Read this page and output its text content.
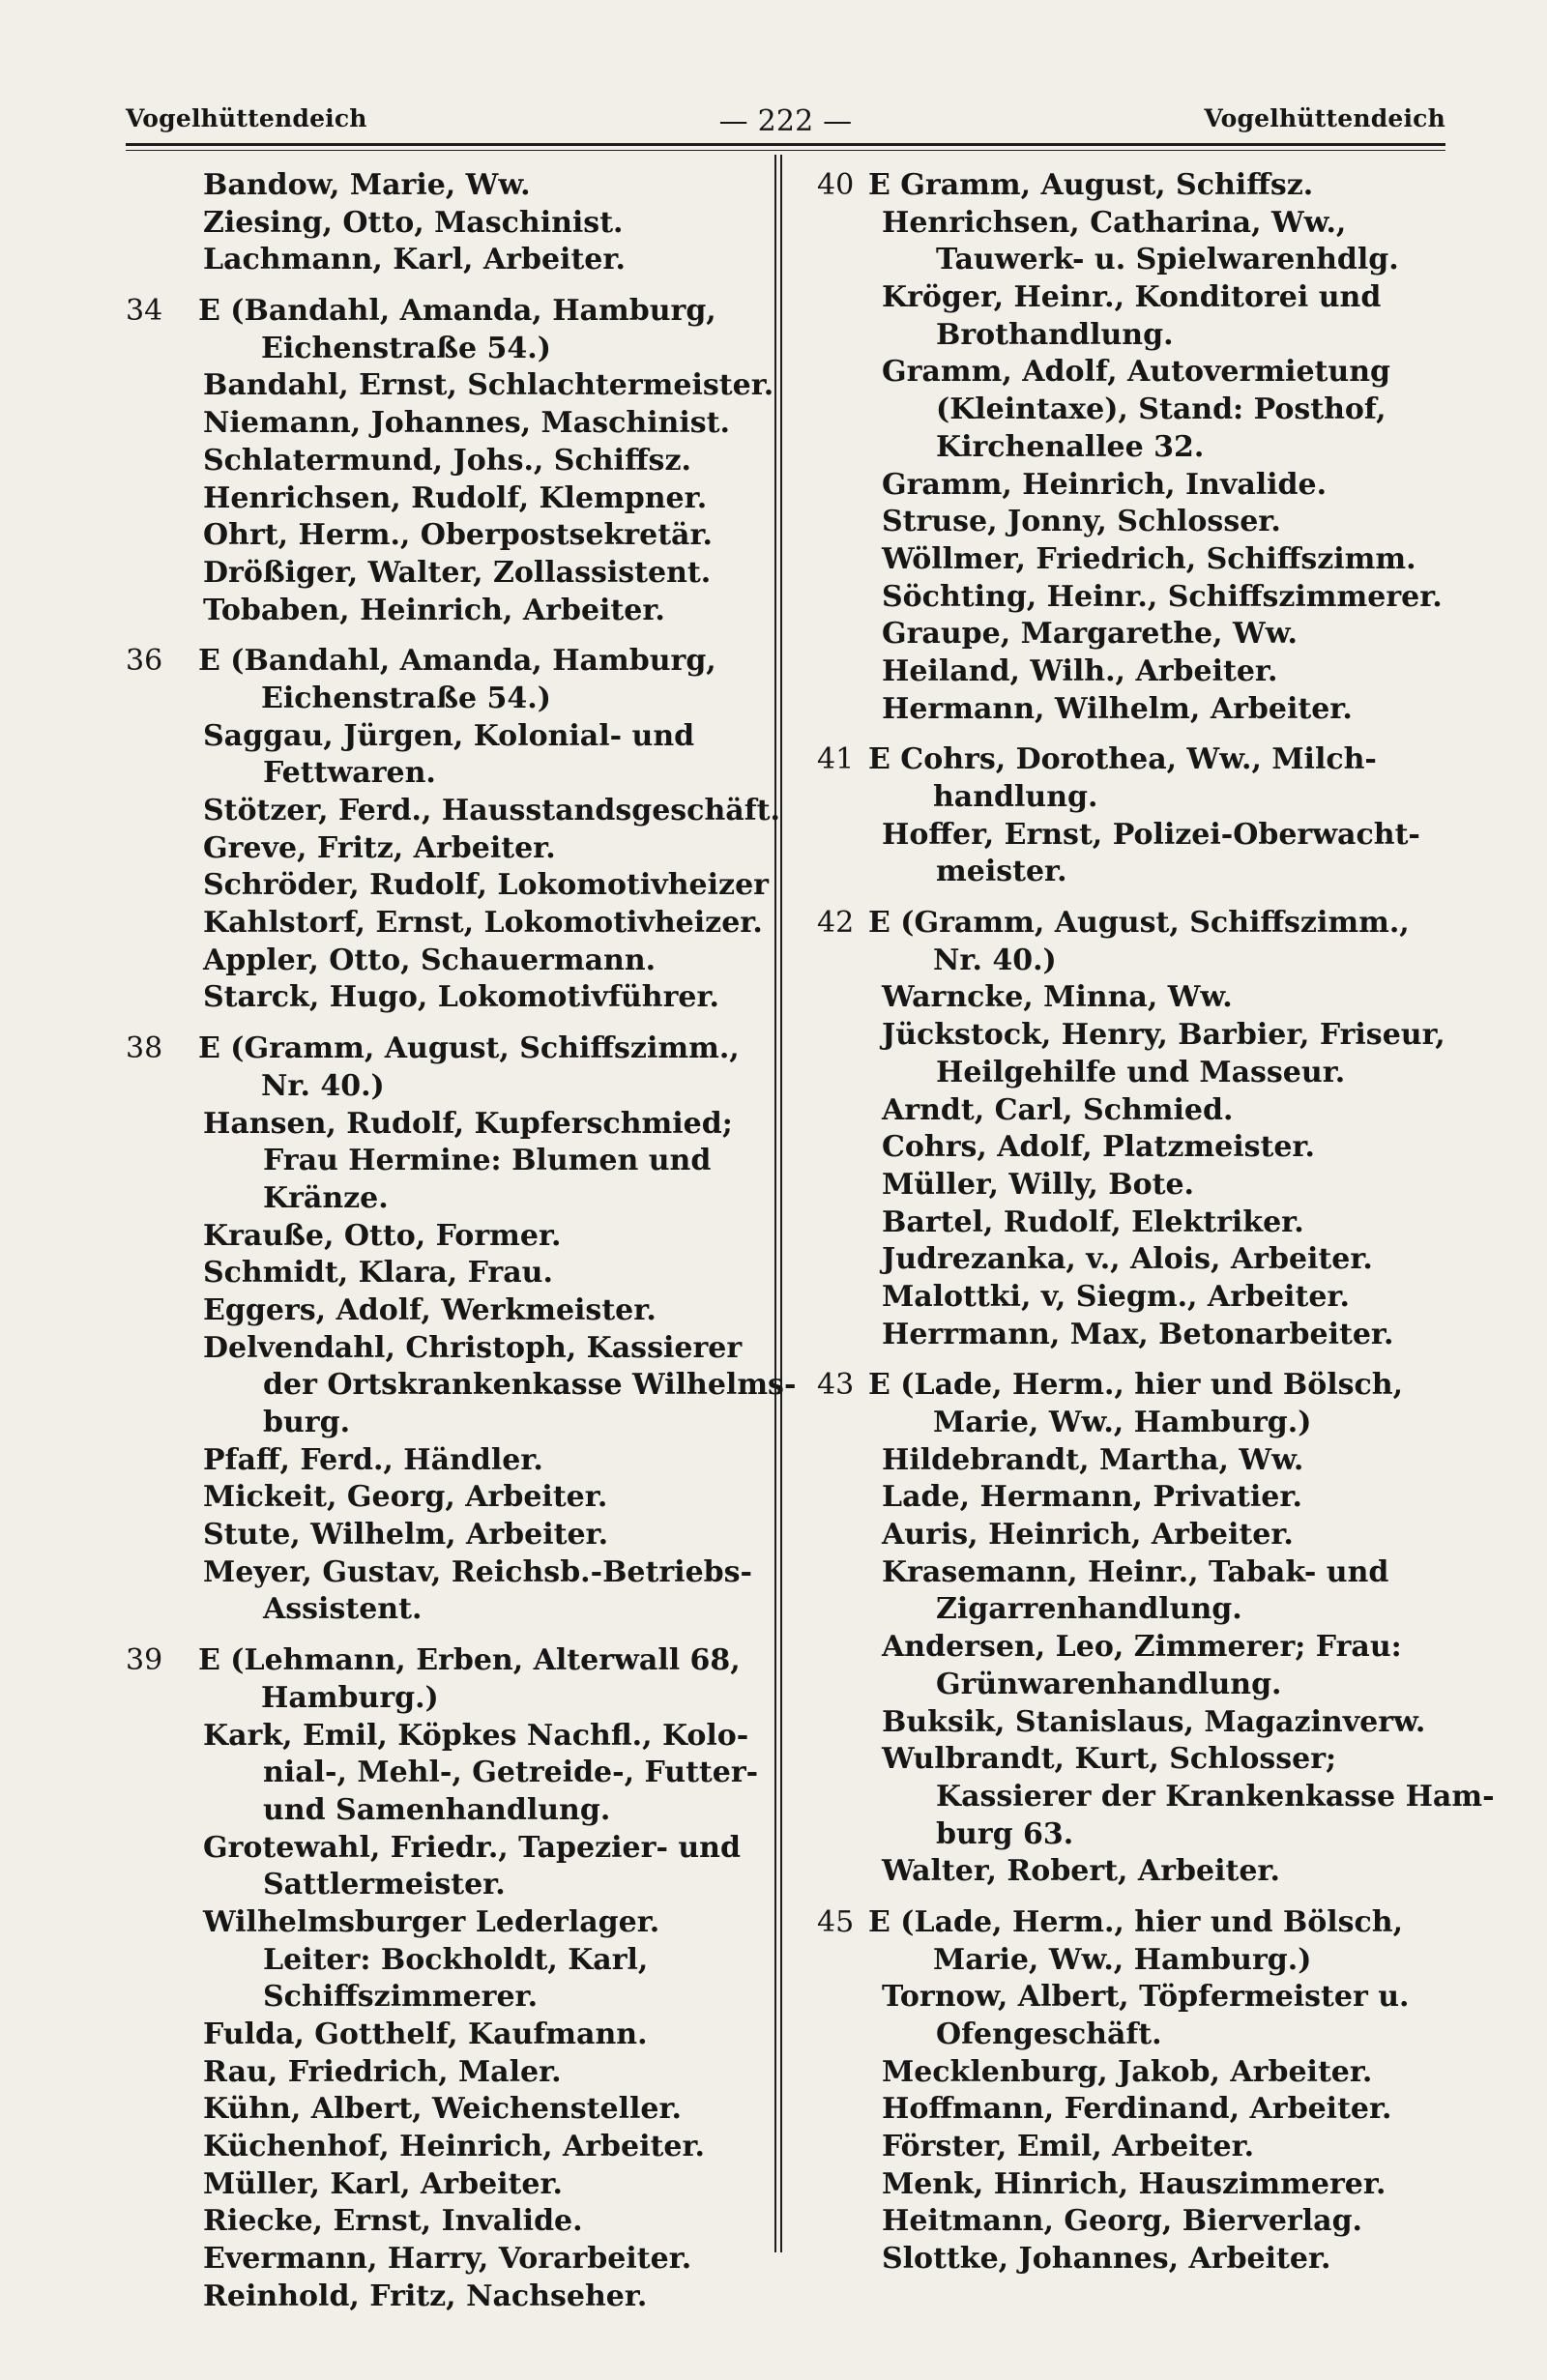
Vogelhüttendeich	— 222 —	Vogelhüttendeich
Bandow, Marie, Ww.
Ziesing, Otto, Maschinist.
Lachmann, Karl, Arbeiter.
34	E (Bandahl, Amanda, Hamburg,
Eichenstraße 54.)
Bandahl, Ernst, Schlachtermeister.
Niemann, Johannes, Maschinist.
Schlatermund, Johs., Schiffsz.
Henrichsen, Rudolf, Klempner.
Ohrt, Herm., Oberpostsekretär.
Drößiger, Walter, Zollassistent.
Tobaben, Heinrich, Arbeiter.
36	E (Bandahl, Amanda, Hamburg,
Eichenstraße 54.)
Saggau, Jürgen, Kolonial- und
Fettwaren.
Stötzer, Ferd., Hausstandsgeschäft.
Greve, Fritz, Arbeiter.
Schröder, Rudolf, Lokomotivheizer
Kahlstorf, Ernst, Lokomotivheizer.
Appler, Otto, Schauermann.
Starck, Hugo, Lokomotivführer.
38	E (Gramm, August, Schiffszimm.,
Nr. 40.)
Hansen, Rudolf, Kupferschmied;
Frau Hermine: Blumen und
Kränze.
Kraußе, Otto, Former.
Schmidt, Klara, Frau.
Eggers, Adolf, Werkmeister.
Delvendahl, Christoph, Kassierer
der Ortskrankenkasse Wilhelms-
burg.
Pfaff, Ferd., Händler.
Mickeit, Georg, Arbeiter.
Stute, Wilhelm, Arbeiter.
Meyer, Gustav, Reichsb.-Betriebs-
Assistent.
39	E (Lehmann, Erben, Alterwall 68,
Hamburg.)
Kark, Emil, Köpkes Nachfl., Kolo-
nial-, Mehl-, Getreide-, Futter-
und Samenhandlung.
Grotewahl, Friedr., Tapezier- und
Sattlermeister.
Wilhelmsburger Lederlager.
Leiter: Bockholdt, Karl,
Schiffszimmerer.
Fulda, Gotthelf, Kaufmann.
Rau, Friedrich, Maler.
Kühn, Albert, Weichensteller.
Küchenhof, Heinrich, Arbeiter.
Müller, Karl, Arbeiter.
Riecke, Ernst, Invalide.
Evermann, Harry, Vorarbeiter.
Reinhold, Fritz, Nachseher.
40 E Gramm, August, Schiffsz.
Henrichsen, Catharina, Ww.,
Tauwerk- u. Spielwarenhdlg.
Kröger, Heinr., Konditorei und
Brothandlung.
Gramm, Adolf, Autovermietung
(Kleintaxe), Stand: Posthof,
Kirchenallee 32.
Gramm, Heinrich, Invalide.
Struse, Jonny, Schlosser.
Wöllmer, Friedrich, Schiffszimm.
Söchting, Heinr., Schiffszimmerer.
Graupe, Margarethe, Ww.
Heiland, Wilh., Arbeiter.
Hermann, Wilhelm, Arbeiter.
41 E Cohrs, Dorothea, Ww., Milch-
handlung.
Hoffer, Ernst, Polizei-Oberwacht-
meister.
42 E (Gramm, August, Schiffszimm.,
Nr. 40.)
Warncke, Minna, Ww.
Jückstock, Henry, Barbier, Friseur,
Heilgehilfe und Masseur.
Arndt, Carl, Schmied.
Cohrs, Adolf, Platzmeister.
Müller, Willy, Bote.
Bartel, Rudolf, Elektriker.
Judrezanka, v., Alois, Arbeiter.
Malottki, v, Siegm., Arbeiter.
Herrmann, Max, Betonarbeiter.
43 E (Lade, Herm., hier und Bölsch,
Marie, Ww., Hamburg.)
Hildebrandt, Martha, Ww.
Lade, Hermann, Privatier.
Auris, Heinrich, Arbeiter.
Krasemann, Heinr., Tabak- und
Zigarrenhandlung.
Andersen, Leo, Zimmerer; Frau:
Grünwarenhandlung.
Buksik, Stanislaus, Magazinverw.
Wulbrandt, Kurt, Schlosser;
Kassierer der Krankenkasse Ham-
burg 63.
Walter, Robert, Arbeiter.
45 E (Lade, Herm., hier und Bölsch,
Marie, Ww., Hamburg.)
Tornow, Albert, Töpfermeister u.
Ofengeschäft.
Mecklenburg, Jakob, Arbeiter.
Hoffmann, Ferdinand, Arbeiter.
Förster, Emil, Arbeiter.
Menk, Hinrich, Hauszimmerer.
Heitmann, Georg, Bierverlag.
Slottke, Johannes, Arbeiter.
